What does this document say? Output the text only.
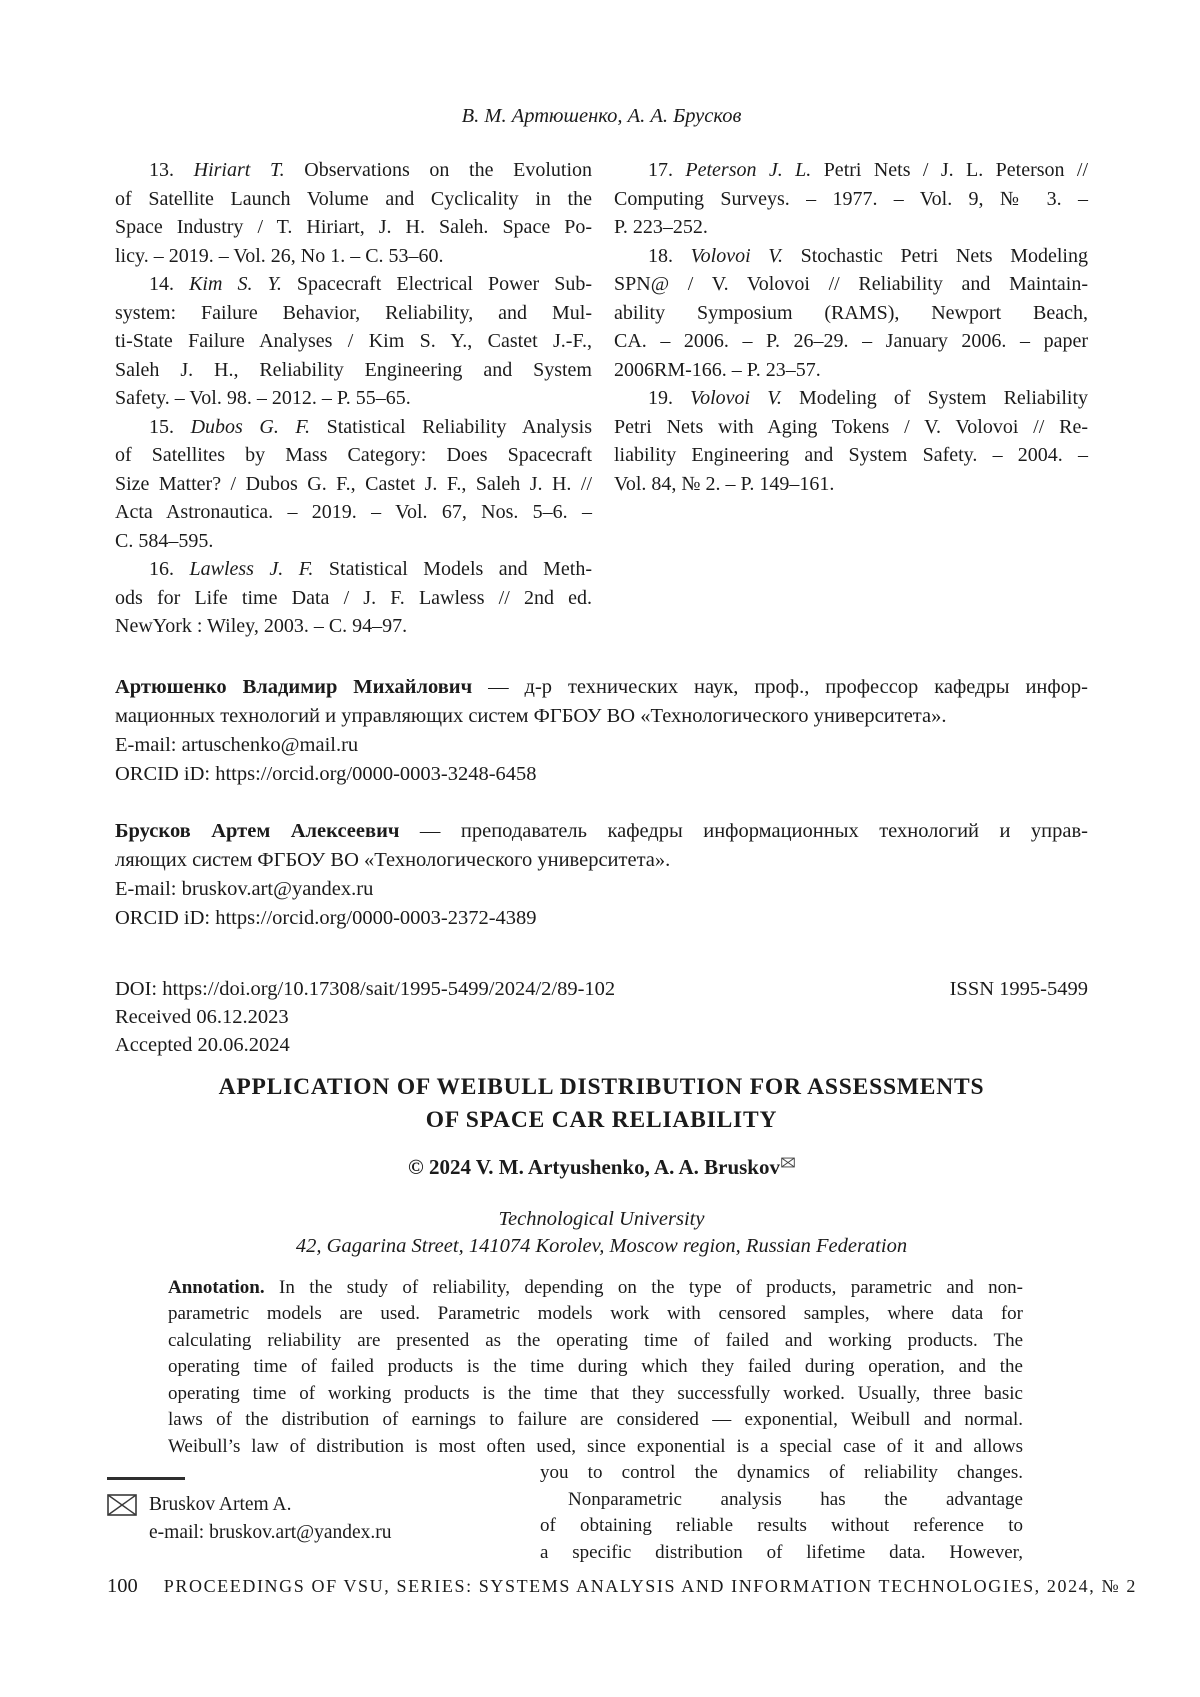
В. М. Артюшенко, А. А. Брусков
13. Hiriart T. Observations on the Evolution
of Satellite Launch Volume and Cyclicality in the
Space Industry / T. Hiriart, J. H. Saleh. Space Po-
licy. – 2019. – Vol. 26, No 1. – C. 53–60.
14. Kim S. Y. Spacecraft Electrical Power Sub-
system: Failure Behavior, Reliability, and Mul-
ti-State Failure Analyses / Kim S. Y., Castet J.-F.,
Saleh J. H., Reliability Engineering and System
Safety. – Vol. 98. – 2012. – P. 55–65.
15. Dubos G. F. Statistical Reliability Analysis
of Satellites by Mass Category: Does Spacecraft
Size Matter? / Dubos G. F., Castet J. F., Saleh J. H. //
Acta Astronautica. – 2019. – Vol. 67, Nos. 5–6. –
C. 584–595.
16. Lawless J. F. Statistical Models and Meth-
ods for Life time Data / J. F. Lawless // 2nd ed.
NewYork : Wiley, 2003. – C. 94–97.
17. Peterson J. L. Petri Nets / J. L. Peterson //
Computing Surveys. – 1977. – Vol. 9, № 3. –
P. 223–252.
18. Volovoi V. Stochastic Petri Nets Modeling
SPN@ / V. Volovoi // Reliability and Maintain-
ability Symposium (RAMS), Newport Beach,
CA. – 2006. – P. 26–29. – January 2006. – paper
2006RM-166. – P. 23–57.
19. Volovoi V. Modeling of System Reliability
Petri Nets with Aging Tokens / V. Volovoi // Re-
liability Engineering and System Safety. – 2004. –
Vol. 84, № 2. – P. 149–161.
Артюшенко Владимир Михайлович — д-р технических наук, проф., профессор кафедры инфор-
мационных технологий и управляющих систем ФГБОУ ВО «Технологического университета».
E-mail: artuschenko@mail.ru
ORCID iD: https://orcid.org/0000-0003-3248-6458
Брусков Артем Алексеевич — преподаватель кафедры информационных технологий и управ-
ляющих систем ФГБОУ ВО «Технологического университета».
E-mail: bruskov.art@yandex.ru
ORCID iD: https://orcid.org/0000-0003-2372-4389
DOI: https://doi.org/10.17308/sait/1995-5499/2024/2/89-102	ISSN 1995-5499
Received 06.12.2023
Accepted 20.06.2024
APPLICATION OF WEIBULL DISTRIBUTION FOR ASSESSMENTS
OF SPACE CAR RELIABILITY
© 2024 V. M. Artyushenko, A. A. Bruskov
Technological University
42, Gagarina Street, 141074 Korolev, Moscow region, Russian Federation
Annotation. In the study of reliability, depending on the type of products, parametric and non-
parametric models are used. Parametric models work with censored samples, where data for
calculating reliability are presented as the operating time of failed and working products. The
operating time of failed products is the time during which they failed during operation, and the
operating time of working products is the time that they successfully worked. Usually, three basic
laws of the distribution of earnings to failure are considered — exponential, Weibull and normal.
Weibull’s law of distribution is most often used, since exponential is a special case of it and allows
you to control the dynamics of reliability changes.
Nonparametric analysis has the advantage
of obtaining reliable results without reference to
a specific distribution of lifetime data. However,
Bruskov Artem A.
e-mail: bruskov.art@yandex.ru
100 PROCEEDINGS OF VSU, SERIES: SYSTEMS ANALYSIS AND INFORMATION TECHNOLOGIES, 2024, № 2
